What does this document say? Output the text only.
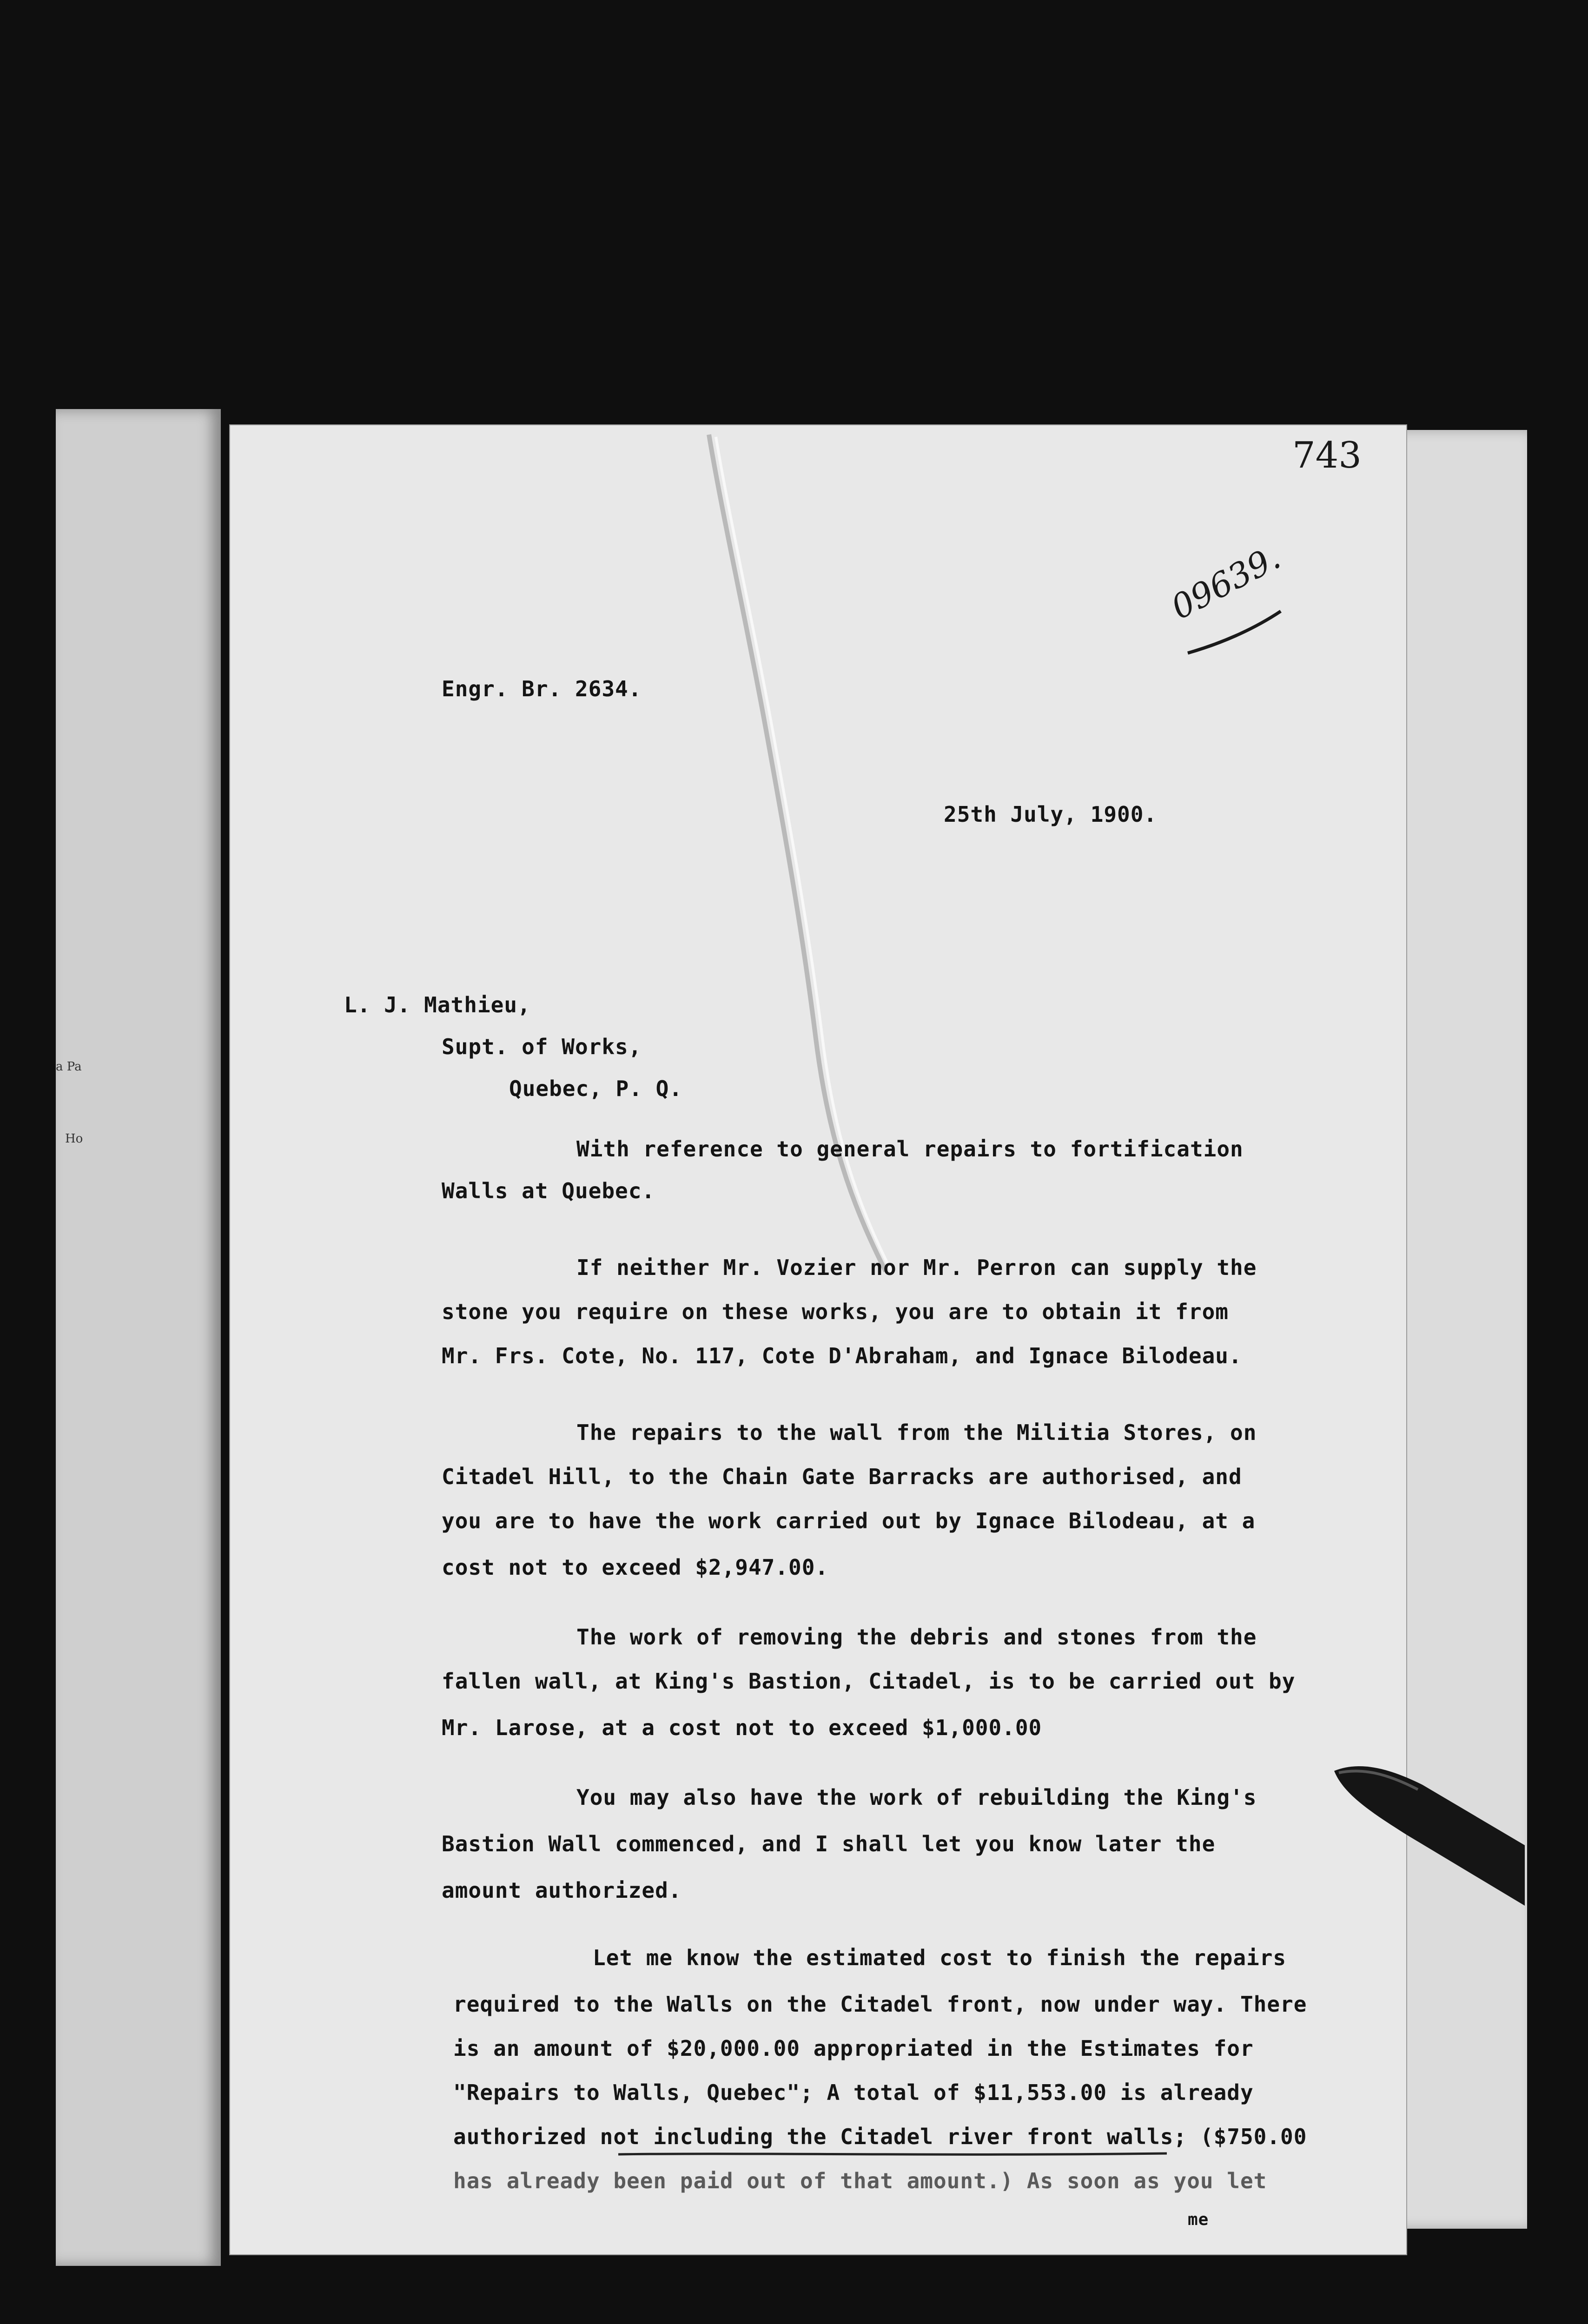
a Pa
Ho
743
09639.
Engr. Br. 2634.
25th July, 1900.
L. J. Mathieu,
Supt. of Works,
Quebec, P. Q.
With reference to general repairs to fortification
Walls at Quebec.
If neither Mr. Vozier nor Mr. Perron can supply the
stone you require on these works, you are to obtain it from
Mr. Frs. Cote, No. 117, Cote D'Abraham, and Ignace Bilodeau.
The repairs to the wall from the Militia Stores, on
Citadel Hill, to the Chain Gate Barracks are authorised, and
you are to have the work carried out by Ignace Bilodeau, at a
cost not to exceed $2,947.00.
The work of removing the debris and stones from the
fallen wall, at King's Bastion, Citadel, is to be carried out by
Mr. Larose, at a cost not to exceed $1,000.00
You may also have the work of rebuilding the King's
Bastion Wall commenced, and I shall let you know later the
amount authorized.
Let me know the estimated cost to finish the repairs
required to the Walls on the Citadel front, now under way. There
is an amount of $20,000.00 appropriated in the Estimates for
"Repairs to Walls, Quebec"; A total of $11,553.00 is already
authorized not including the Citadel river front walls; ($750.00
has already been paid out of that amount.) As soon as you let
me
